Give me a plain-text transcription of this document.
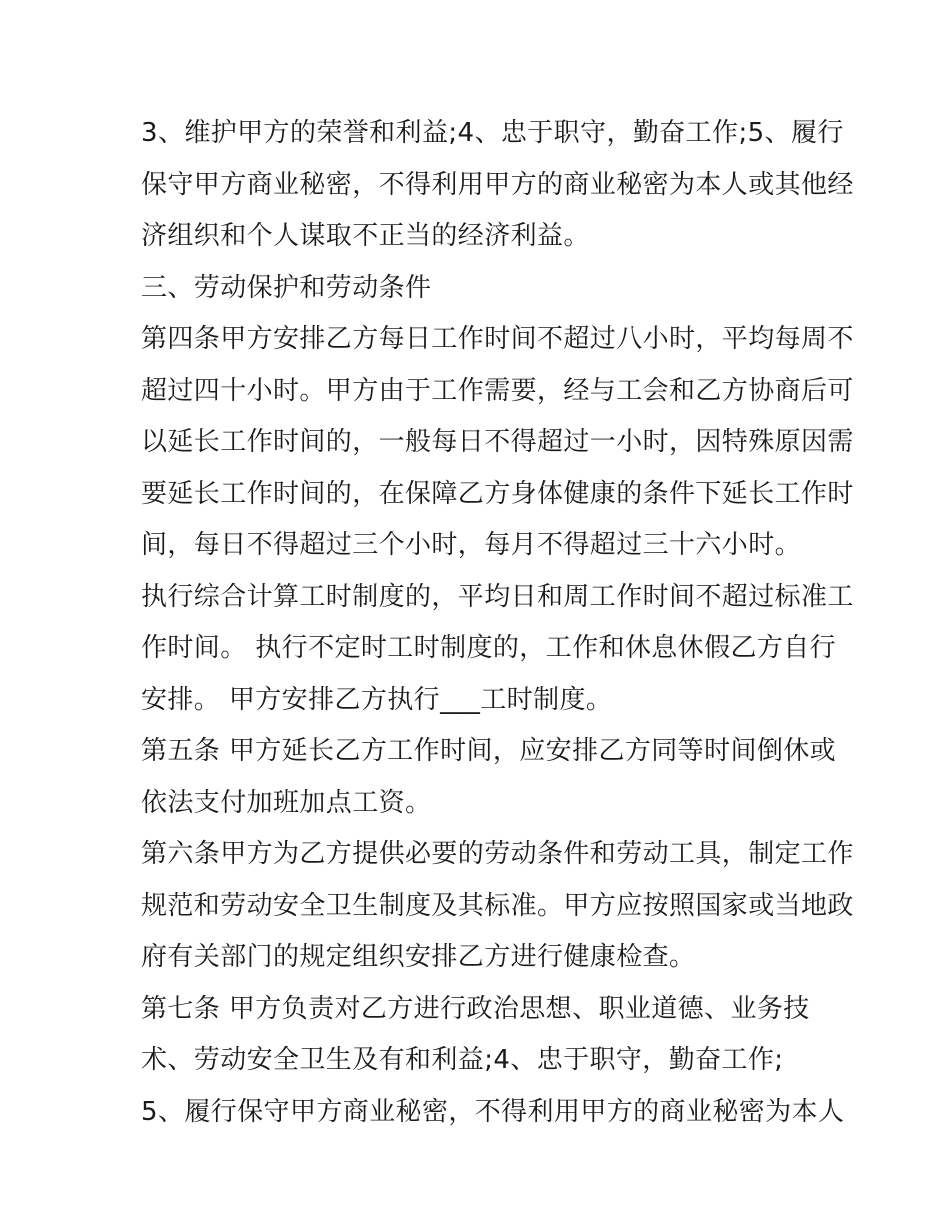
3、维护甲方的荣誉和利益;4、忠于职守，勤奋工作;5、履行
保守甲方商业秘密，不得利用甲方的商业秘密为本人或其他经
济组织和个人谋取不正当的经济利益。
三、劳动保护和劳动条件
第四条甲方安排乙方每日工作时间不超过八小时，平均每周不
超过四十小时。甲方由于工作需要，经与工会和乙方协商后可
以延长工作时间的，一般每日不得超过一小时，因特殊原因需
要延长工作时间的，在保障乙方身体健康的条件下延长工作时
间，每日不得超过三个小时，每月不得超过三十六小时。
执行综合计算工时制度的，平均日和周工作时间不超过标准工
作时间。 执行不定时工时制度的，工作和休息休假乙方自行
安排。 甲方安排乙方执行___工时制度。
第五条 甲方延长乙方工作时间，应安排乙方同等时间倒休或
依法支付加班加点工资。
第六条甲方为乙方提供必要的劳动条件和劳动工具，制定工作
规范和劳动安全卫生制度及其标准。甲方应按照国家或当地政
府有关部门的规定组织安排乙方进行健康检查。
第七条 甲方负责对乙方进行政治思想、职业道德、业务技
术、劳动安全卫生及有和利益;4、忠于职守，勤奋工作;
5、履行保守甲方商业秘密，不得利用甲方的商业秘密为本人
